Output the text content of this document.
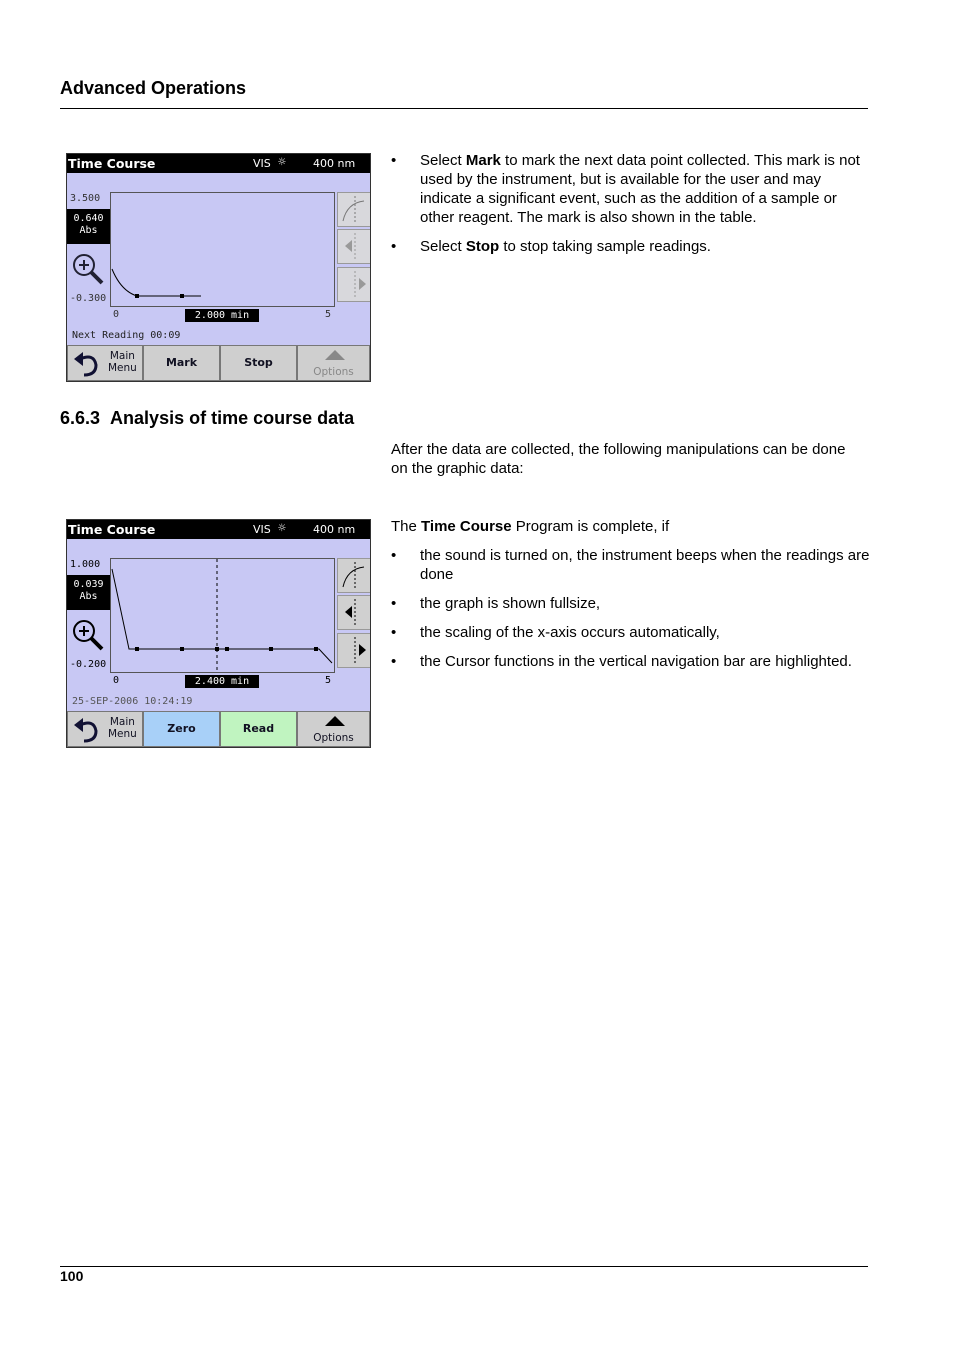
Advanced Operations
Time Course	VIS ☼ 400 nm
3.500
0.640
Abs
-0.300
0	2.000 min	5
Next Reading 00:09
Main
Menu	Mark	Stop
Options
• Select Mark to mark the next data point collected. This mark is not used by the instrument, but is available for the user and may indicate a significant event, such as the addition of a sample or other reagent. The mark is also shown in the table.
• Select Stop to stop taking sample readings.
6.6.3 Analysis of time course data
After the data are collected, the following manipulations can be done on the graphic data:
Time Course	VIS ☼ 400 nm
1.000
0.039
Abs
-0.200
0	2.400 min	5
25-SEP-2006 10:24:19
Main
Menu	Zero	Read
Options
The Time Course Program is complete, if
• the sound is turned on, the instrument beeps when the readings are done
• the graph is shown fullsize,
• the scaling of the x-axis occurs automatically,
• the Cursor functions in the vertical navigation bar are highlighted.
100
